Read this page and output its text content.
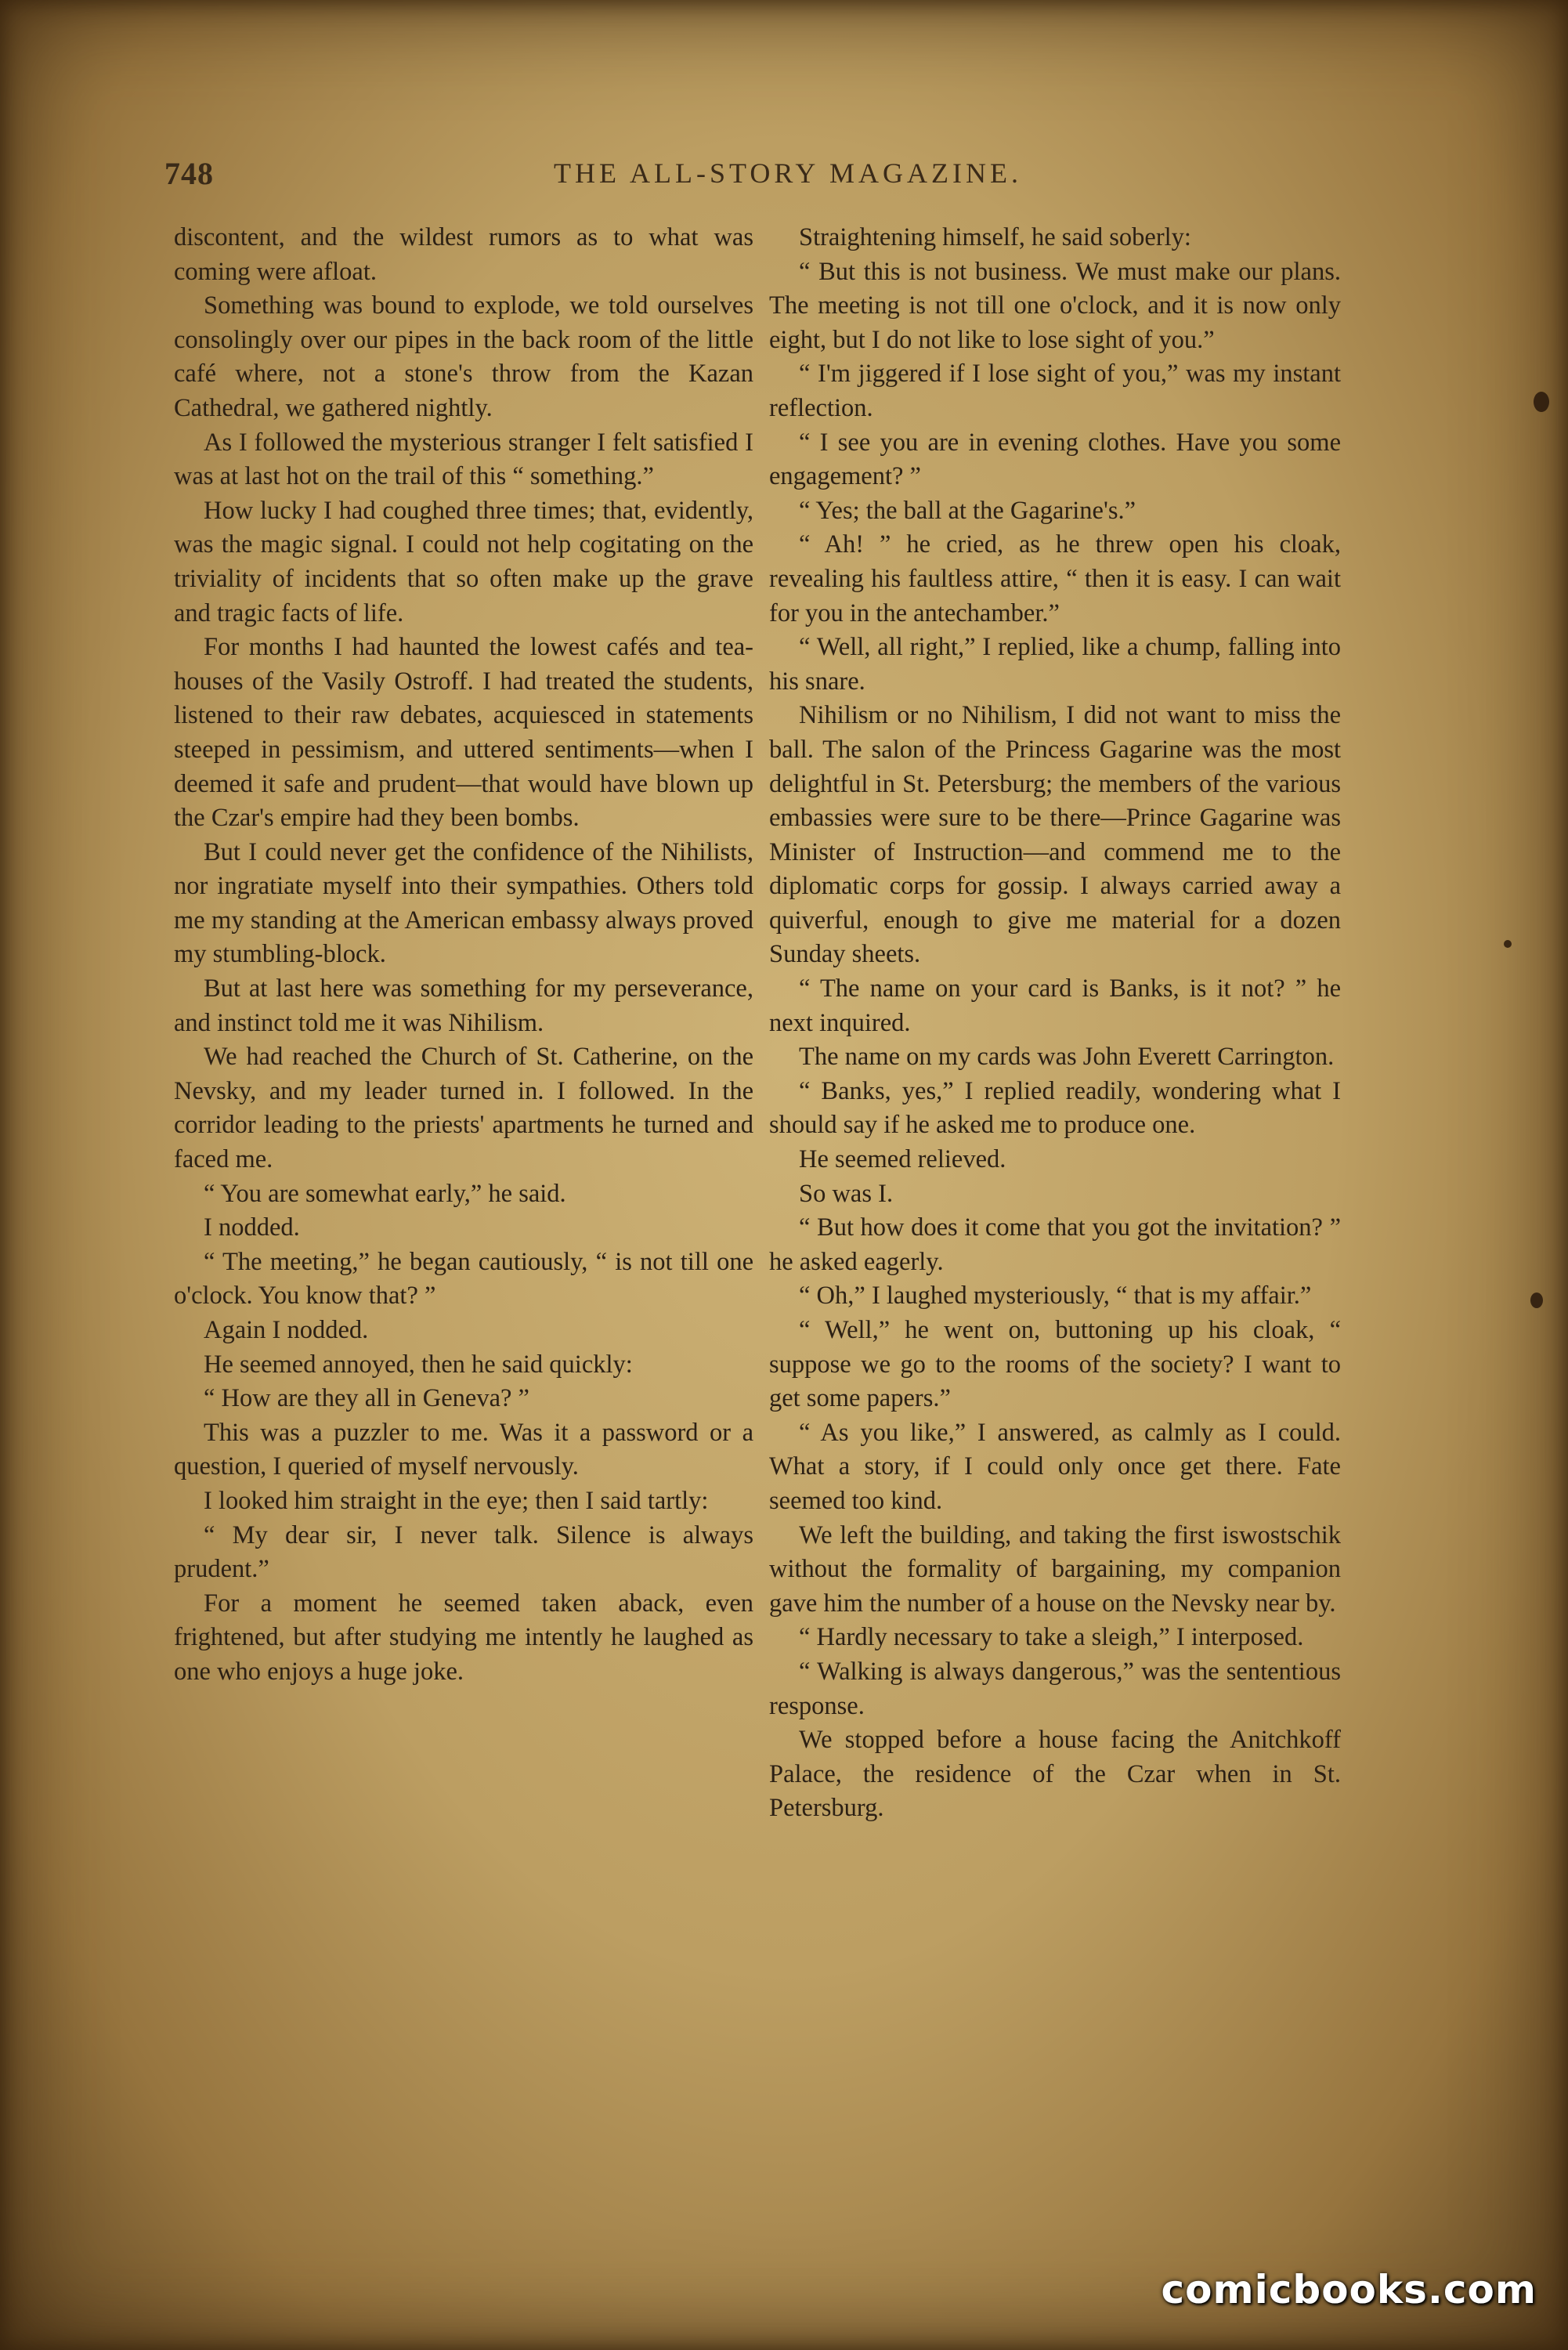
748	THE ALL-STORY MAGAZINE.

discontent, and the wildest rumors as to what was coming were afloat.

Something was bound to explode, we told ourselves consolingly over our pipes in the back room of the little café where, not a stone's throw from the Kazan Cathedral, we gathered nightly.

As I followed the mysterious stranger I felt satisfied I was at last hot on the trail of this “ something.”

How lucky I had coughed three times; that, evidently, was the magic signal. I could not help cogitating on the triviality of incidents that so often make up the grave and tragic facts of life.

For months I had haunted the lowest cafés and tea-houses of the Vasily Ostroff. I had treated the students, listened to their raw debates, acquiesced in statements steeped in pessimism, and uttered sentiments—when I deemed it safe and prudent—that would have blown up the Czar's empire had they been bombs.

But I could never get the confidence of the Nihilists, nor ingratiate myself into their sympathies. Others told me my standing at the American embassy always proved my stumbling-block.

But at last here was something for my perseverance, and instinct told me it was Nihilism.

We had reached the Church of St. Catherine, on the Nevsky, and my leader turned in. I followed. In the corridor leading to the priests' apartments he turned and faced me.

“ You are somewhat early,” he said.

I nodded.

“ The meeting,” he began cautiously, “ is not till one o'clock. You know that? ”

Again I nodded.

He seemed annoyed, then he said quickly:

“ How are they all in Geneva? ”

This was a puzzler to me. Was it a password or a question, I queried of myself nervously.

I looked him straight in the eye; then I said tartly:

“ My dear sir, I never talk. Silence is always prudent.”

For a moment he seemed taken aback, even frightened, but after studying me intently he laughed as one who enjoys a huge joke.

Straightening himself, he said soberly:

“ But this is not business. We must make our plans. The meeting is not till one o'clock, and it is now only eight, but I do not like to lose sight of you.”

“ I'm jiggered if I lose sight of you,” was my instant reflection.

“ I see you are in evening clothes. Have you some engagement? ”

“ Yes; the ball at the Gagarine's.”

“ Ah! ” he cried, as he threw open his cloak, revealing his faultless attire, “ then it is easy. I can wait for you in the antechamber.”

“ Well, all right,” I replied, like a chump, falling into his snare.

Nihilism or no Nihilism, I did not want to miss the ball. The salon of the Princess Gagarine was the most delightful in St. Petersburg; the members of the various embassies were sure to be there—Prince Gagarine was Minister of Instruction—and commend me to the diplomatic corps for gossip. I always carried away a quiverful, enough to give me material for a dozen Sunday sheets.

“ The name on your card is Banks, is it not? ” he next inquired.

The name on my cards was John Everett Carrington.

“ Banks, yes,” I replied readily, wondering what I should say if he asked me to produce one.

He seemed relieved.

So was I.

“ But how does it come that you got the invitation? ” he asked eagerly.

“ Oh,” I laughed mysteriously, “ that is my affair.”

“ Well,” he went on, buttoning up his cloak, “ suppose we go to the rooms of the society? I want to get some papers.”

“ As you like,” I answered, as calmly as I could. What a story, if I could only once get there. Fate seemed too kind.

We left the building, and taking the first iswostschik without the formality of bargaining, my companion gave him the number of a house on the Nevsky near by.

“ Hardly necessary to take a sleigh,” I interposed.

“ Walking is always dangerous,” was the sententious response.

We stopped before a house facing the Anitchkoff Palace, the residence of the Czar when in St. Petersburg.

comicbooks.com
